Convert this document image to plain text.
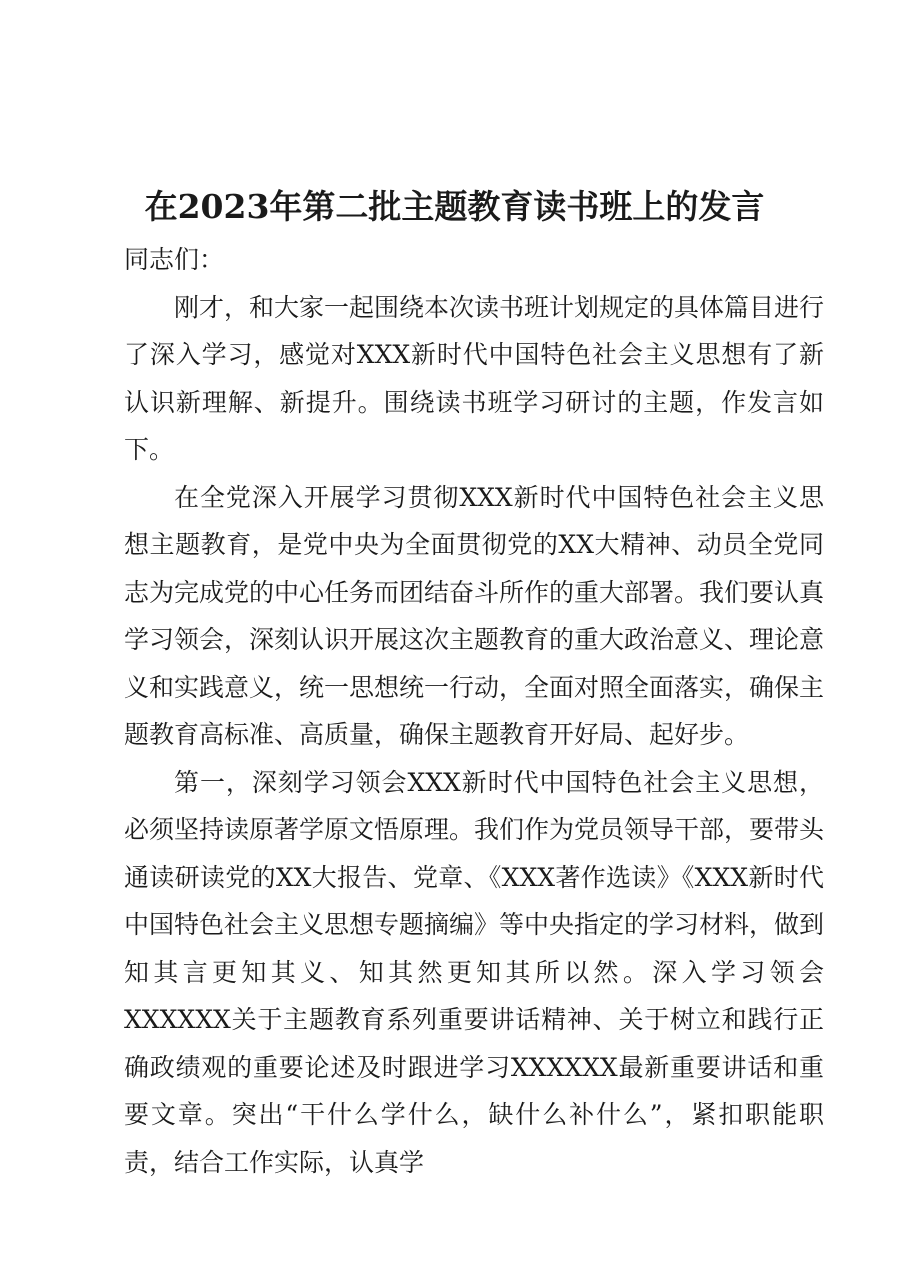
在2023年第二批主题教育读书班上的发言

同志们：

刚才，和大家一起围绕本次读书班计划规定的具体篇目进行了深入学习，感觉对XXX新时代中国特色社会主义思想有了新认识新理解、新提升。围绕读书班学习研讨的主题，作发言如下。

在全党深入开展学习贯彻XXX新时代中国特色社会主义思想主题教育，是党中央为全面贯彻党的XX大精神、动员全党同志为完成党的中心任务而团结奋斗所作的重大部署。我们要认真学习领会，深刻认识开展这次主题教育的重大政治意义、理论意义和实践意义，统一思想统一行动，全面对照全面落实，确保主题教育高标准、高质量，确保主题教育开好局、起好步。

第一，深刻学习领会XXX新时代中国特色社会主义思想，必须坚持读原著学原文悟原理。我们作为党员领导干部，要带头通读研读党的XX大报告、党章、《XXX著作选读》《XXX新时代中国特色社会主义思想专题摘编》等中央指定的学习材料，做到知其言更知其义、知其然更知其所以然。深入学习领会XXXXXX关于主题教育系列重要讲话精神、关于树立和践行正确政绩观的重要论述及时跟进学习XXXXXX最新重要讲话和重要文章。突出“干什么学什么，缺什么补什么”，紧扣职能职责，结合工作实际，认真学
